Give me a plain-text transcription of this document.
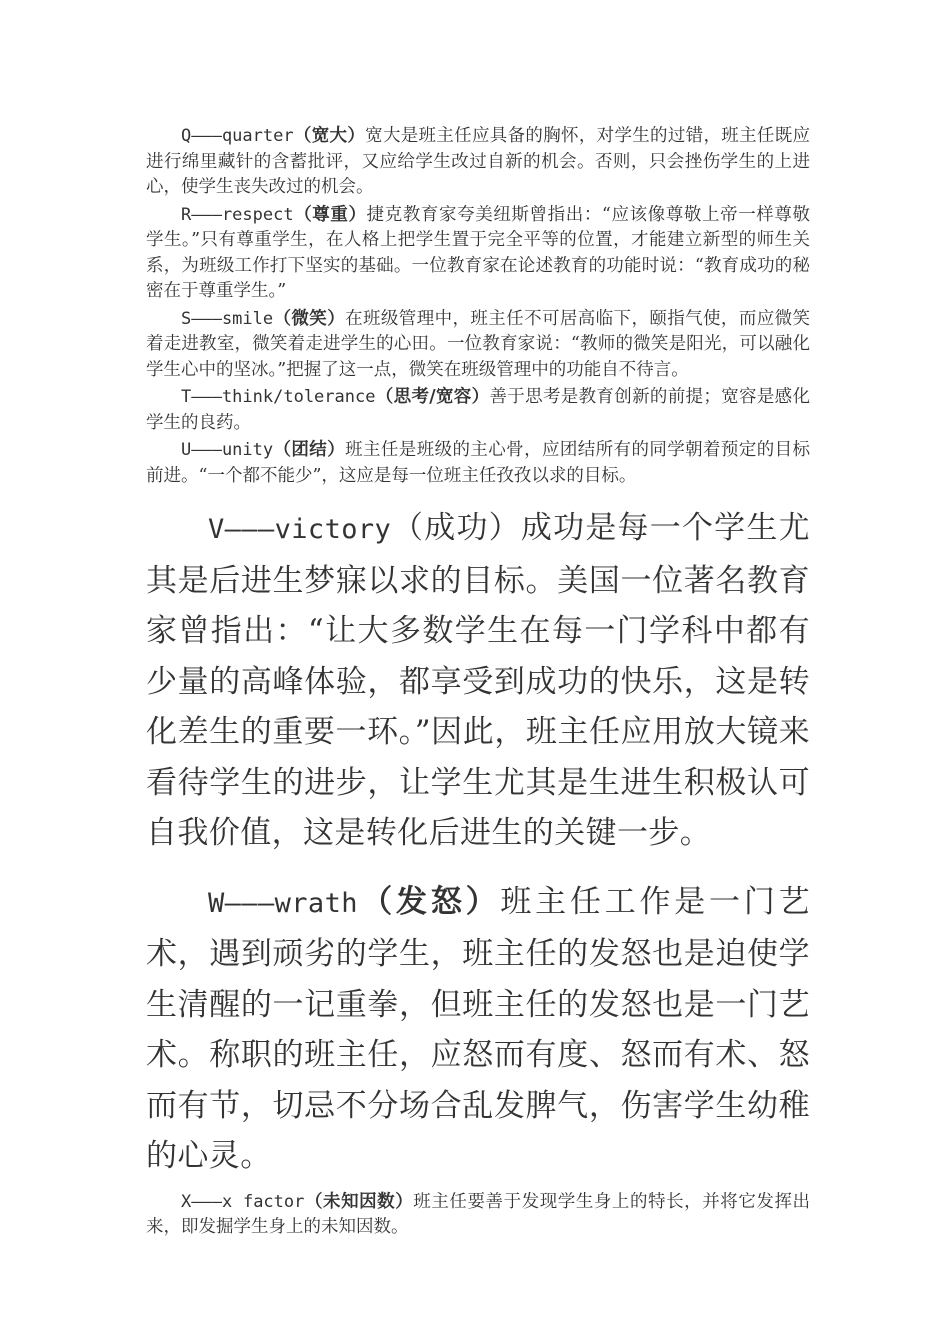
Q———quarter（宽大）宽大是班主任应具备的胸怀，对学生的过错，班主任既应进行绵里藏针的含蓄批评，又应给学生改过自新的机会。否则，只会挫伤学生的上进心，使学生丧失改过的机会。

R———respect（尊重）捷克教育家夸美纽斯曾指出：“应该像尊敬上帝一样尊敬学生。”只有尊重学生，在人格上把学生置于完全平等的位置，才能建立新型的师生关系，为班级工作打下坚实的基础。一位教育家在论述教育的功能时说：“教育成功的秘密在于尊重学生。”

S———smile（微笑）在班级管理中，班主任不可居高临下，颐指气使，而应微笑着走进教室，微笑着走进学生的心田。一位教育家说：“教师的微笑是阳光，可以融化学生心中的坚冰。”把握了这一点，微笑在班级管理中的功能自不待言。

T———think/tolerance（思考/宽容）善于思考是教育创新的前提；宽容是感化学生的良药。

U———unity（团结）班主任是班级的主心骨，应团结所有的同学朝着预定的目标前进。“一个都不能少”，这应是每一位班主任孜孜以求的目标。

V———victory（成功）成功是每一个学生尤其是后进生梦寐以求的目标。美国一位著名教育家曾指出：“让大多数学生在每一门学科中都有少量的高峰体验，都享受到成功的快乐，这是转化差生的重要一环。”因此，班主任应用放大镜来看待学生的进步，让学生尤其是生进生积极认可自我价值，这是转化后进生的关键一步。

W———wrath（发怒）班主任工作是一门艺术，遇到顽劣的学生，班主任的发怒也是迫使学生清醒的一记重拳，但班主任的发怒也是一门艺术。称职的班主任，应怒而有度、怒而有术、怒而有节，切忌不分场合乱发脾气，伤害学生幼稚的心灵。

X———x factor（未知因数）班主任要善于发现学生身上的特长，并将它发挥出来，即发掘学生身上的未知因数。
